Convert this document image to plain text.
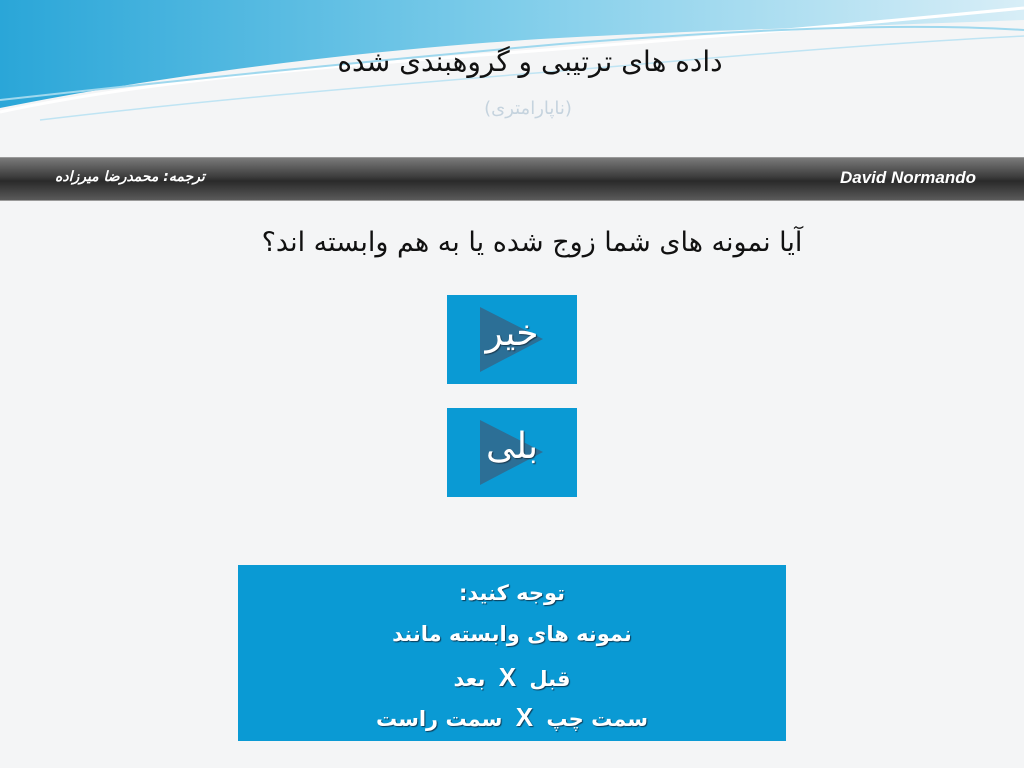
داده های ترتیبی و گروهبندی شده
(ناپارامتری)
ترجمه: محمدرضا میرزاده	David Normando
آیا نمونه های شما زوج شده یا به هم وابسته اند؟
خیر
بلی
توجه کنید:
نمونه های وابسته مانند
قبل X بعد
سمت چپ X سمت راست
